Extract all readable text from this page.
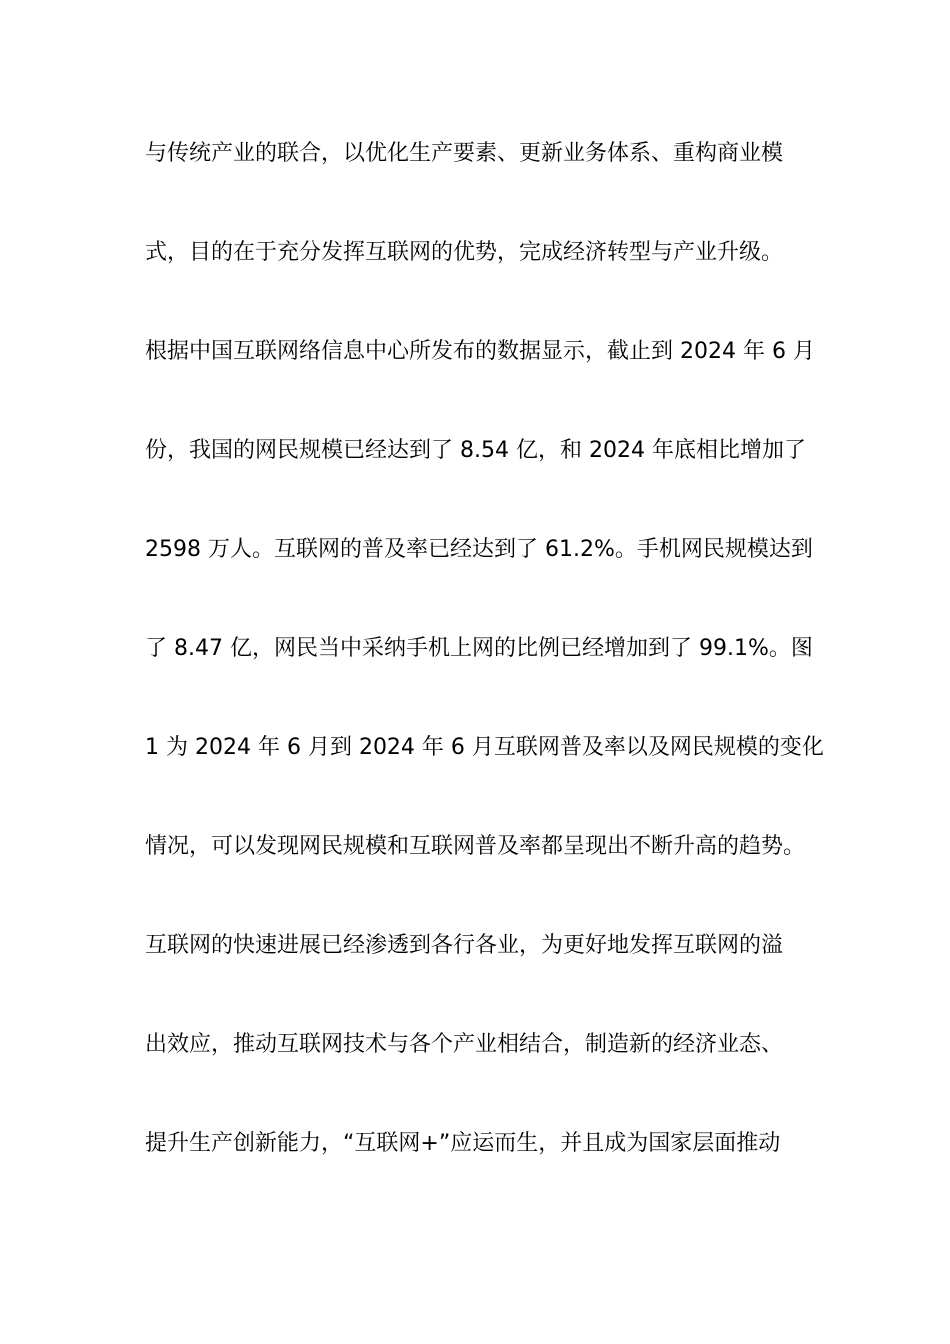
与传统产业的联合，以优化生产要素、更新业务体系、重构商业模
式，目的在于充分发挥互联网的优势，完成经济转型与产业升级。
根据中国互联网络信息中心所发布的数据显示，截止到 2024 年 6 月
份，我国的网民规模已经达到了 8.54 亿，和 2024 年底相比增加了
2598 万人。互联网的普及率已经达到了 61.2%。手机网民规模达到
了 8.47 亿，网民当中采纳手机上网的比例已经增加到了 99.1%。图
1 为 2024 年 6 月到 2024 年 6 月互联网普及率以及网民规模的变化
情况，可以发现网民规模和互联网普及率都呈现出不断升高的趋势。
互联网的快速进展已经渗透到各行各业，为更好地发挥互联网的溢
出效应，推动互联网技术与各个产业相结合，制造新的经济业态、
提升生产创新能力，“互联网+”应运而生，并且成为国家层面推动
